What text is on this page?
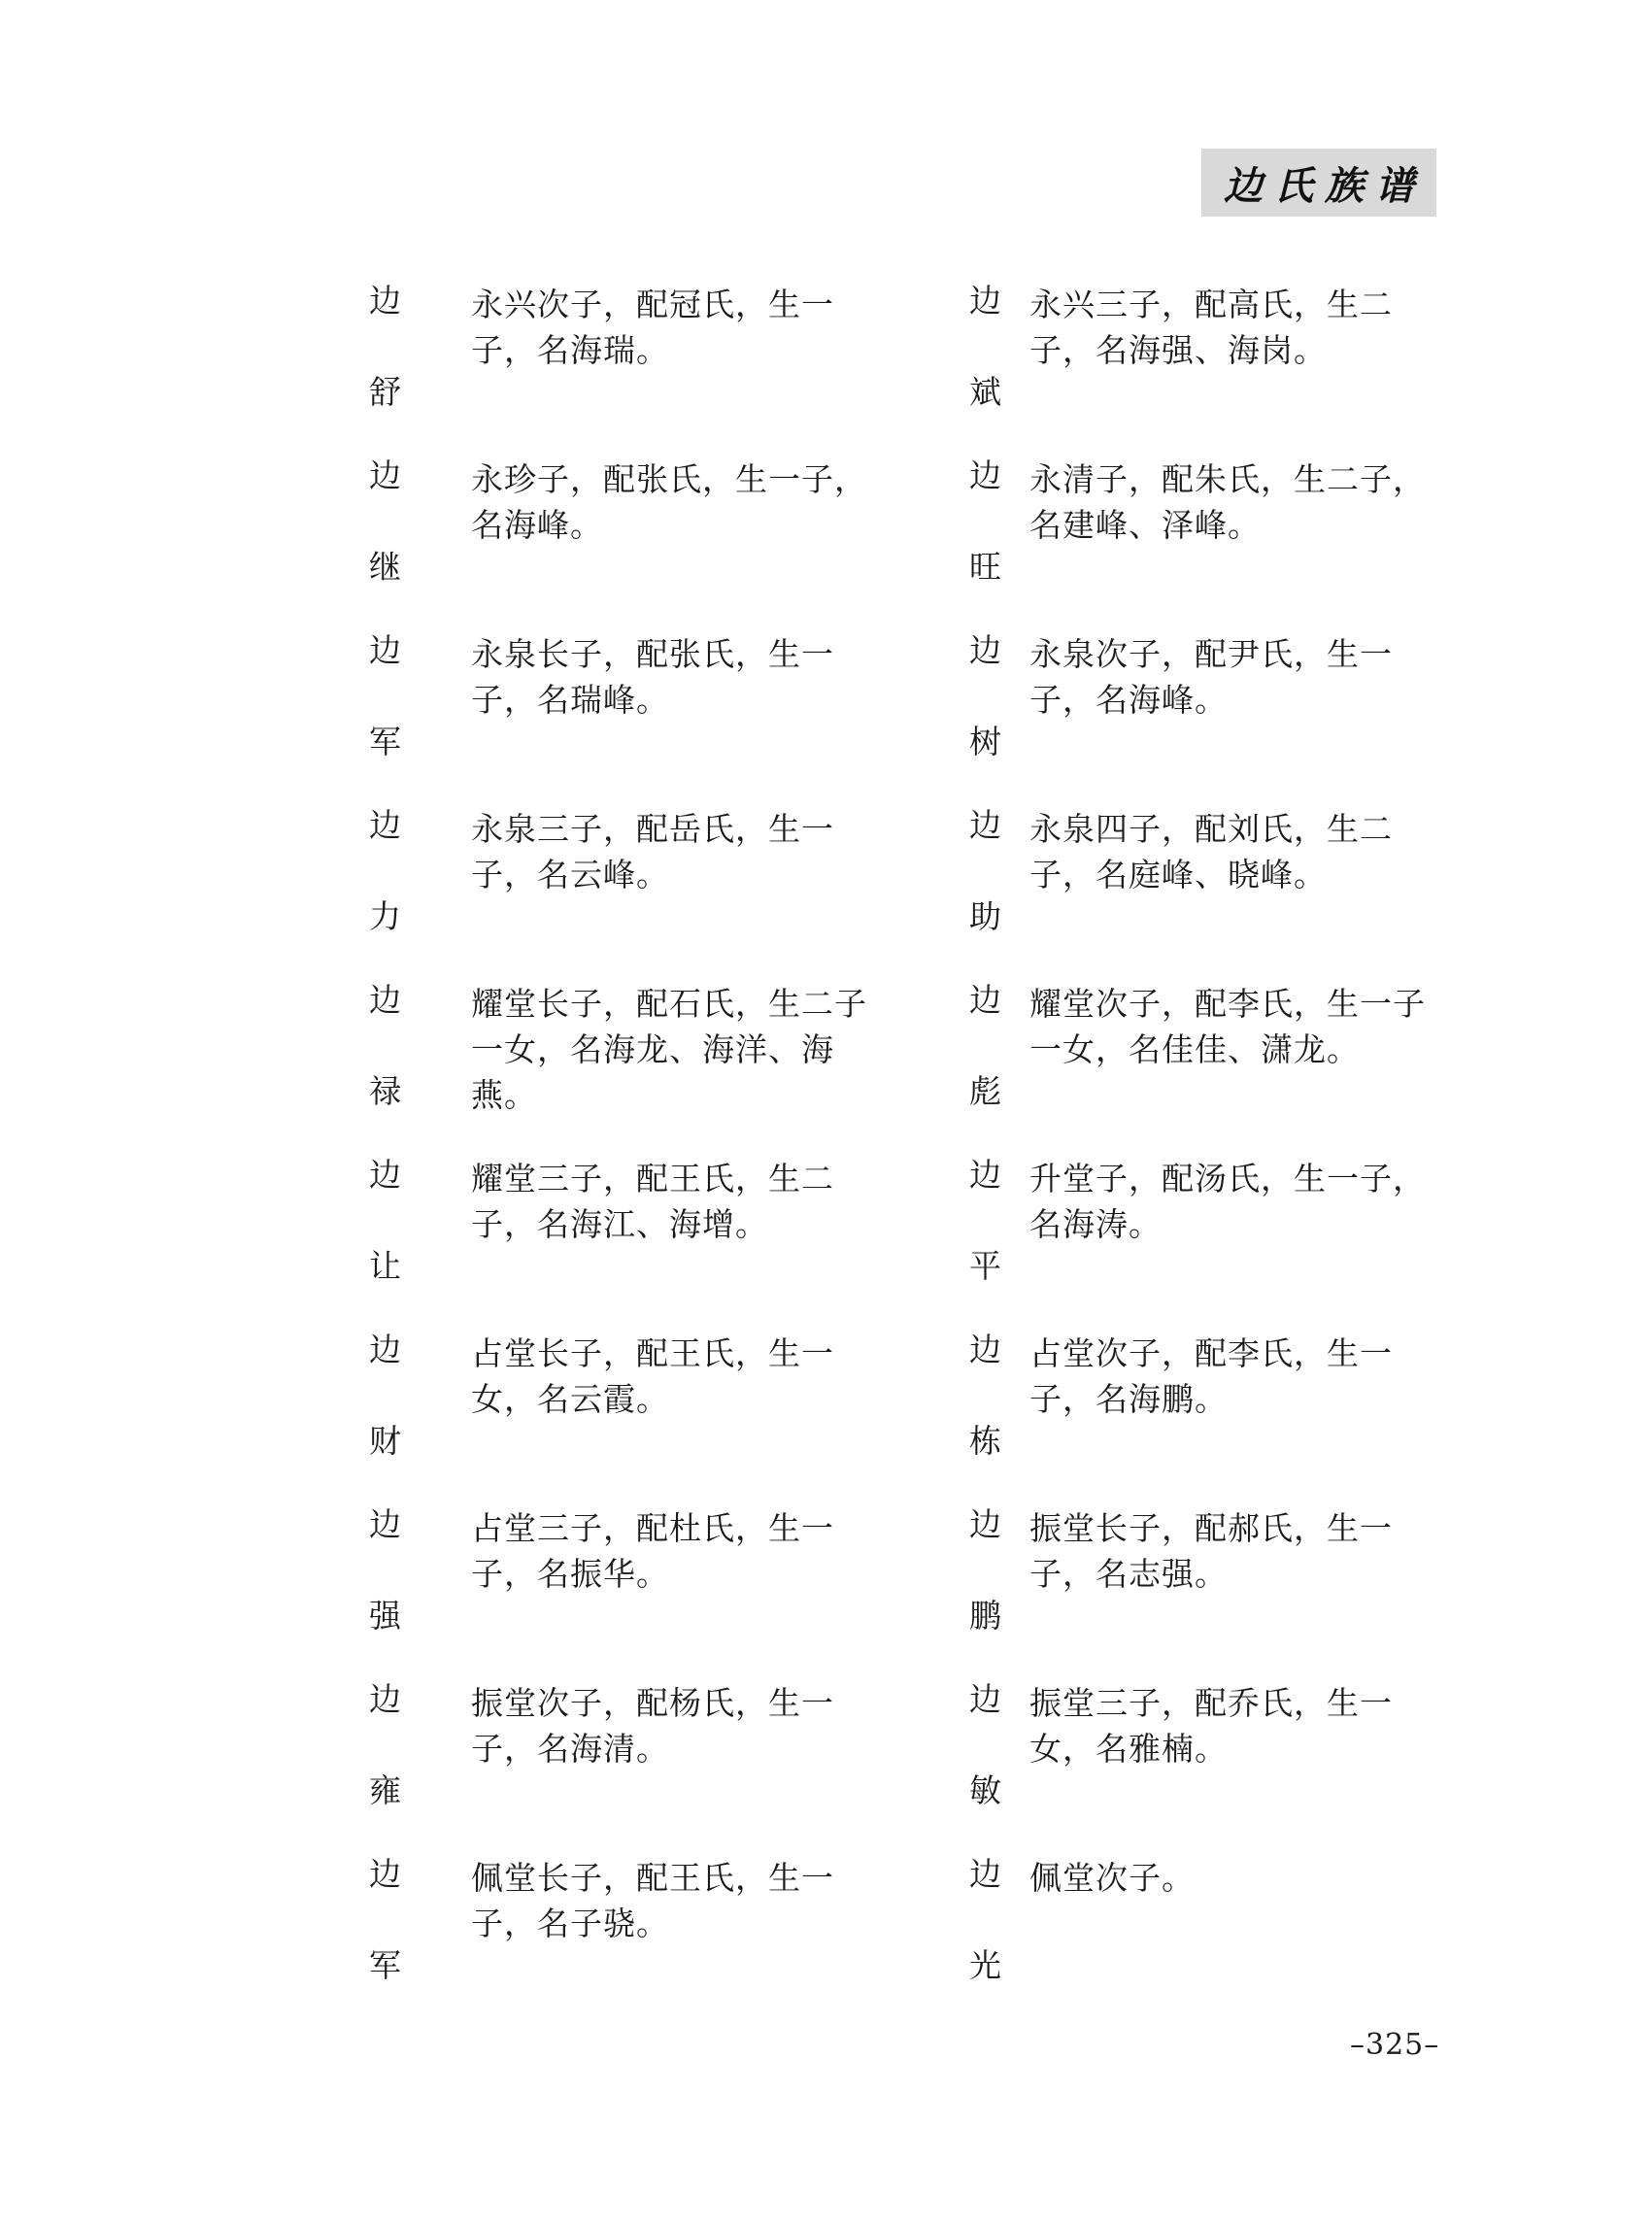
边氏族谱
边
舒
永兴次子，配冠氏，生一子，名海瑞。
边
斌
永兴三子，配高氏，生二子，名海强、海岗。
边
继
永珍子，配张氏，生一子，名海峰。
边
旺
永清子，配朱氏，生二子，名建峰、泽峰。
边
军
永泉长子，配张氏，生一子，名瑞峰。
边
树
永泉次子，配尹氏，生一子，名海峰。
边
力
永泉三子，配岳氏，生一子，名云峰。
边
助
永泉四子，配刘氏，生二子，名庭峰、晓峰。
边
禄
耀堂长子，配石氏，生二子一女，名海龙、海洋、海燕。
边
彪
耀堂次子，配李氏，生一子一女，名佳佳、潇龙。
边
让
耀堂三子，配王氏，生二子，名海江、海增。
边
平
升堂子，配汤氏，生一子，名海涛。
边
财
占堂长子，配王氏，生一女，名云霞。
边
栋
占堂次子，配李氏，生一子，名海鹏。
边
强
占堂三子，配杜氏，生一子，名振华。
边
鹏
振堂长子，配郝氏，生一子，名志强。
边
雍
振堂次子，配杨氏，生一子，名海清。
边
敏
振堂三子，配乔氏，生一女，名雅楠。
边
军
佩堂长子，配王氏，生一子，名子骁。
边
光
佩堂次子。
–325–
